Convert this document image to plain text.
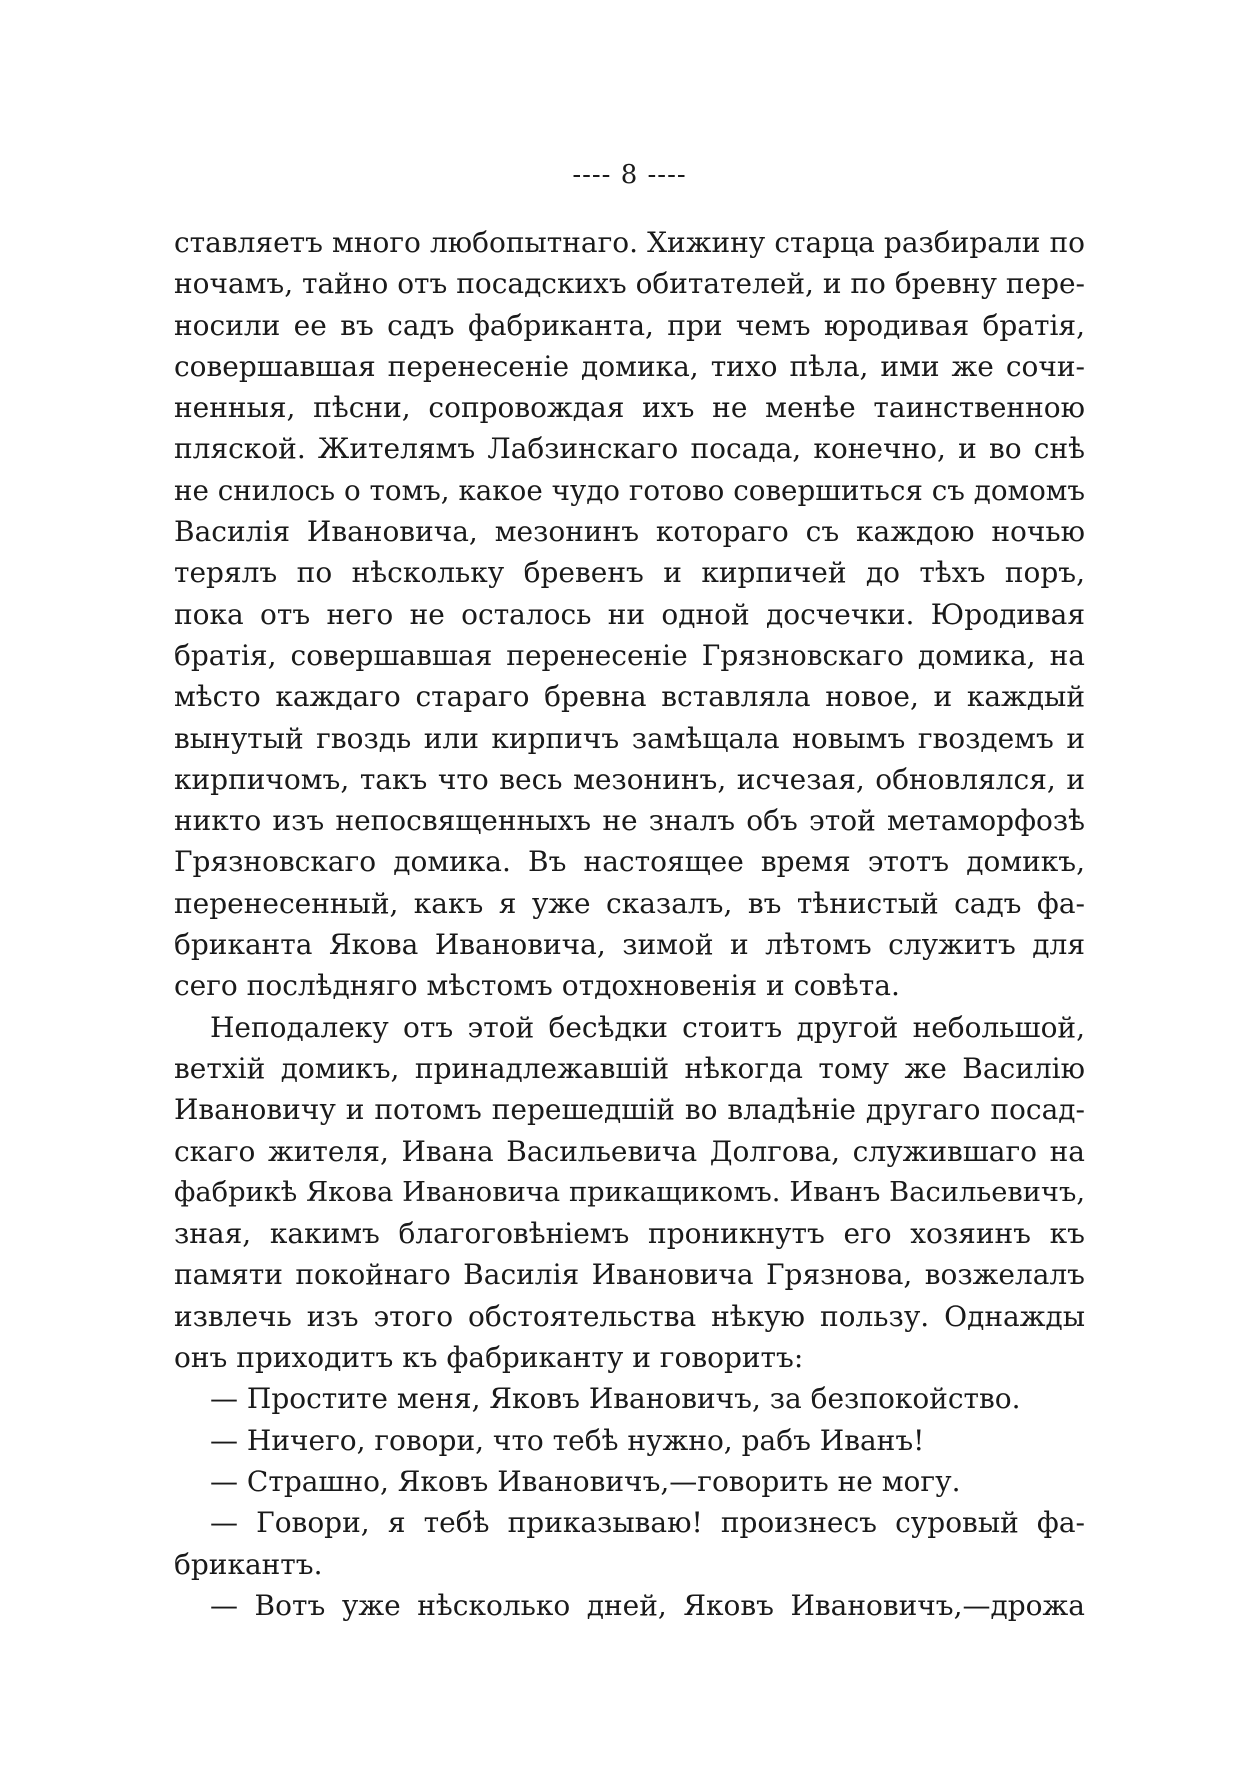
---- 8 ----
ставляетъ много любопытнаго. Хижину старца разбирали по
ночамъ, тайно отъ посадскихъ обитателей, и по бревну пере-
носили ее въ садъ фабриканта, при чемъ юродивая братія,
совершавшая перенесеніе домика, тихо пѣла, ими же сочи-
ненныя, пѣсни, сопровождая ихъ не менѣе таинственною
пляской. Жителямъ Лабзинскаго посада, конечно, и во снѣ
не снилось о томъ, какое чудо готово совершиться съ домомъ
Василія Ивановича, мезонинъ котораго съ каждою ночью
терялъ по нѣскольку бревенъ и кирпичей до тѣхъ поръ,
пока отъ него не осталось ни одной досчечки. Юродивая
братія, совершавшая перенесеніе Грязновскаго домика, на
мѣсто каждаго стараго бревна вставляла новое, и каждый
вынутый гвоздь или кирпичъ замѣщала новымъ гвоздемъ и
кирпичомъ, такъ что весь мезонинъ, исчезая, обновлялся, и
никто изъ непосвященныхъ не зналъ объ этой метаморфозѣ
Грязновскаго домика. Въ настоящее время этотъ домикъ,
перенесенный, какъ я уже сказалъ, въ тѣнистый садъ фа-
бриканта Якова Ивановича, зимой и лѣтомъ служитъ для
сего послѣдняго мѣстомъ отдохновенія и совѣта.
Неподалеку отъ этой бесѣдки стоитъ другой небольшой,
ветхій домикъ, принадлежавшій нѣкогда тому же Василію
Ивановичу и потомъ перешедшій во владѣніе другаго посад-
скаго жителя, Ивана Васильевича Долгова, служившаго на
фабрикѣ Якова Ивановича прикащикомъ. Иванъ Васильевичъ,
зная, какимъ благоговѣніемъ проникнутъ его хозяинъ къ
памяти покойнаго Василія Ивановича Грязнова, возжелалъ
извлечь изъ этого обстоятельства нѣкую пользу. Однажды
онъ приходитъ къ фабриканту и говоритъ:
— Простите меня, Яковъ Ивановичъ, за безпокойство.
— Ничего, говори, что тебѣ нужно, рабъ Иванъ!
— Страшно, Яковъ Ивановичъ,—говорить не могу.
— Говори, я тебѣ приказываю! произнесъ суровый фа-
брикантъ.
— Вотъ уже нѣсколько дней, Яковъ Ивановичъ,—дрожа
